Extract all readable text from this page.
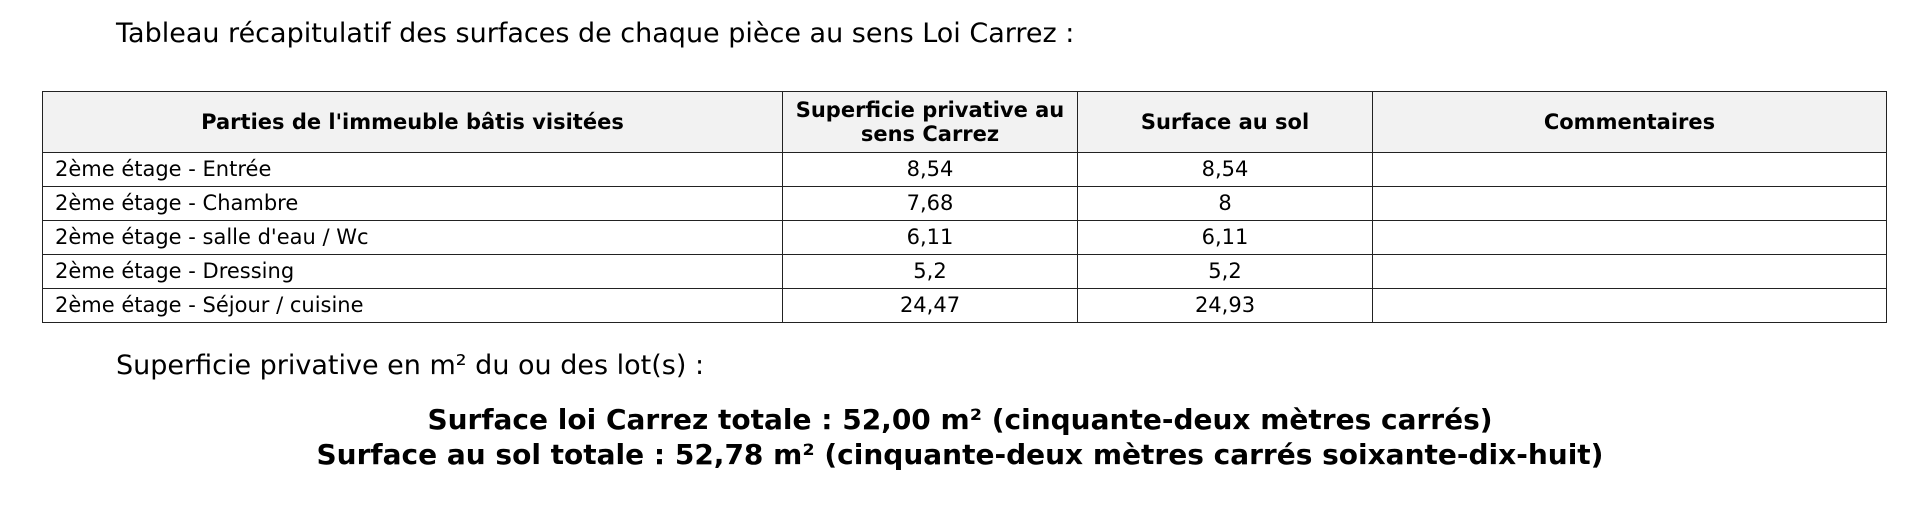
Tableau récapitulatif des surfaces de chaque pièce au sens Loi Carrez :
Parties de l'immeuble bâtis visitées	Superficie privative au sens Carrez	Surface au sol	Commentaires
2ème étage - Entrée	8,54	8,54	
2ème étage - Chambre	7,68	8	
2ème étage - salle d'eau / Wc	6,11	6,11	
2ème étage - Dressing	5,2	5,2	
2ème étage - Séjour / cuisine	24,47	24,93	
Superficie privative en m² du ou des lot(s) :
Surface loi Carrez totale : 52,00 m² (cinquante-deux mètres carrés)
Surface au sol totale : 52,78 m² (cinquante-deux mètres carrés soixante-dix-huit)
